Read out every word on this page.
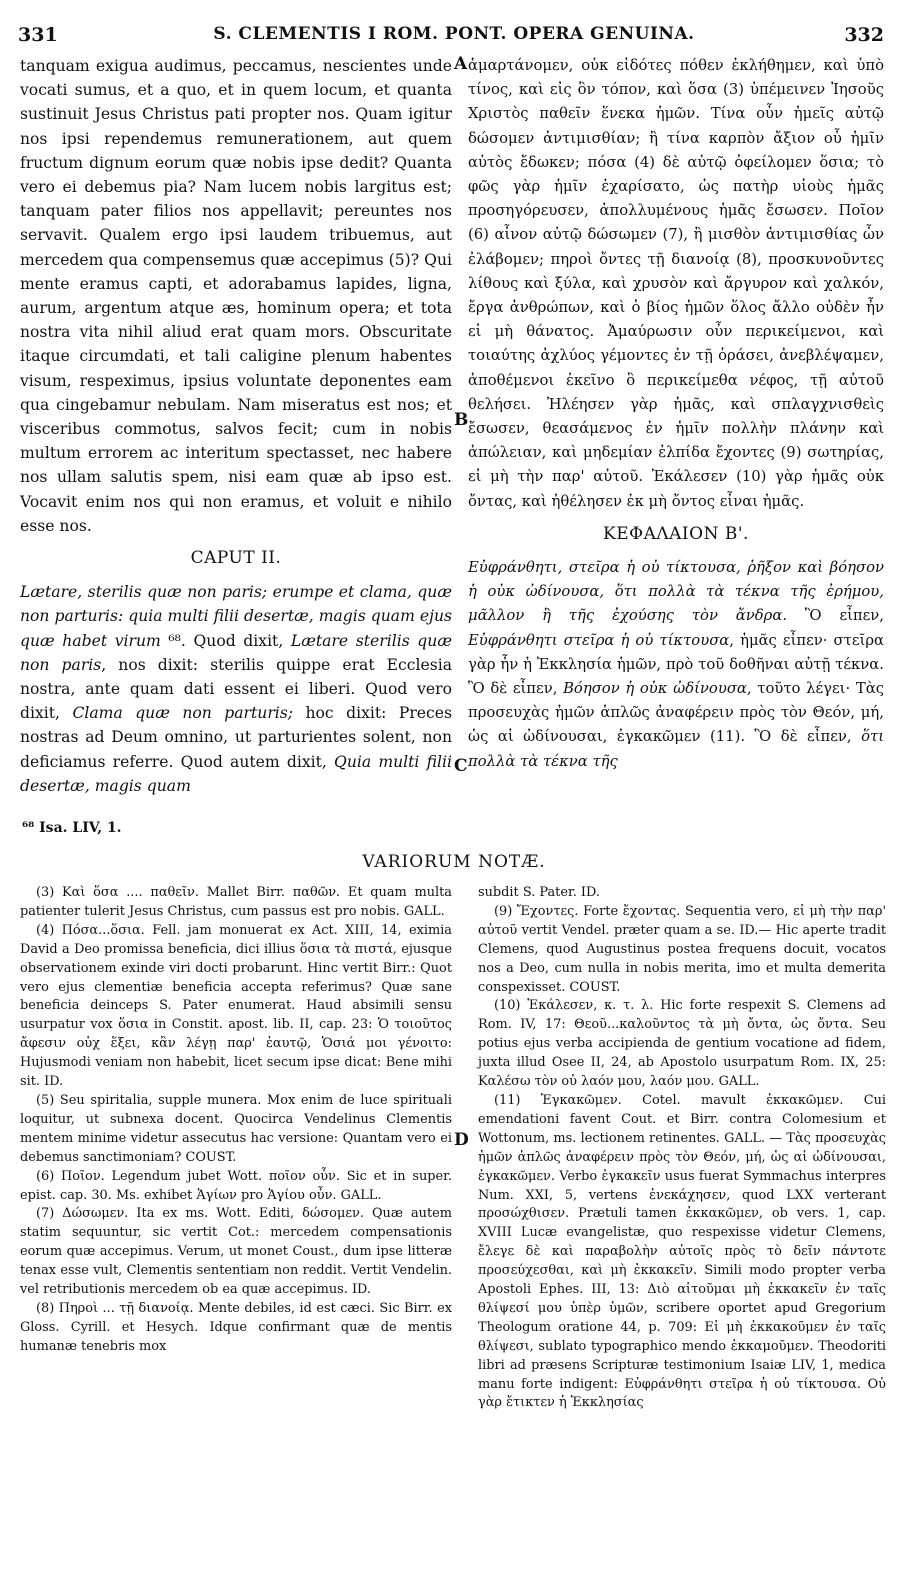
331	S. CLEMENTIS I ROM. PONT. OPERA GENUINA.	332

tanquam exigua audimus, peccamus, nescientes unde vocati sumus, et a quo, et in quem locum, et quanta sustinuit Jesus Christus pati propter nos. Quam igitur nos ipsi rependemus remunerationem, aut quem fructum dignum eorum quæ nobis ipse dedit? Quanta vero ei debemus pia? Nam lucem nobis largitus est; tanquam pater filios nos appellavit; pereuntes nos servavit. Qualem ergo ipsi laudem tribuemus, aut mercedem qua compensemus quæ accepimus (5)? Qui mente eramus capti, et adorabamus lapides, ligna, aurum, argentum atque æs, hominum opera; et tota nostra vita nihil aliud erat quam mors. Obscuritate itaque circumdati, et tali caligine plenum habentes visum, respeximus, ipsius voluntate deponentes eam qua cingebamur nebulam. Nam miseratus est nos; et visceribus commotus, salvos fecit; cum in nobis multum errorem ac interitum spectasset, nec habere nos ullam salutis spem, nisi eam quæ ab ipso est. Vocavit enim nos qui non eramus, et voluit e nihilo esse nos.

CAPUT II.

Lætare, sterilis quæ non paris; erumpe et clama, quæ non parturis: quia multi filii desertæ, magis quam ejus quæ habet virum ⁶⁸. Quod dixit, Lætare sterilis quæ non paris, nos dixit: sterilis quippe erat Ecclesia nostra, ante quam dati essent ei liberi. Quod vero dixit, Clama quæ non parturis; hoc dixit: Preces nostras ad Deum omnino, ut parturientes solent, non deficiamus referre. Quod autem dixit, Quia multi filii desertæ, magis quam

A
B
C
D

ἁμαρτάνομεν, οὐκ εἰδότες πόθεν ἐκλήθημεν, καὶ ὑπὸ τίνος, καὶ εἰς ὃν τόπον, καὶ ὅσα (3) ὑπέμεινεν Ἰησοῦς Χριστὸς παθεῖν ἕνεκα ἡμῶν. Τίνα οὖν ἡμεῖς αὐτῷ δώσομεν ἀντιμισθίαν; ἢ τίνα καρπὸν ἄξιον οὗ ἡμῖν αὐτὸς ἔδωκεν; πόσα (4) δὲ αὐτῷ ὀφείλομεν ὅσια; τὸ φῶς γὰρ ἡμῖν ἐχαρίσατο, ὡς πατὴρ υἱοὺς ἡμᾶς προσηγόρευσεν, ἀπολλυμένους ἡμᾶς ἔσωσεν. Ποῖον (6) αἶνον αὐτῷ δώσωμεν (7), ἢ μισθὸν ἀντιμισθίας ὧν ἐλάβομεν; πηροὶ ὄντες τῇ διανοίᾳ (8), προσκυνοῦντες λίθους καὶ ξύλα, καὶ χρυσὸν καὶ ἄργυρον καὶ χαλκόν, ἔργα ἀνθρώπων, καὶ ὁ βίος ἡμῶν ὅλος ἄλλο οὐδὲν ἦν εἰ μὴ θάνατος. Ἀμαύρωσιν οὖν περικείμενοι, καὶ τοιαύτης ἀχλύος γέμοντες ἐν τῇ ὁράσει, ἀνεβλέψαμεν, ἀποθέμενοι ἐκεῖνο ὃ περικείμεθα νέφος, τῇ αὐτοῦ θελήσει. Ἠλέησεν γὰρ ἡμᾶς, καὶ σπλαγχνισθεὶς ἔσωσεν, θεασάμενος ἐν ἡμῖν πολλὴν πλάνην καὶ ἀπώλειαν, καὶ μηδεμίαν ἐλπίδα ἔχοντες (9) σωτηρίας, εἰ μὴ τὴν παρ' αὐτοῦ. Ἐκάλεσεν (10) γὰρ ἡμᾶς οὐκ ὄντας, καὶ ἠθέλησεν ἐκ μὴ ὄντος εἶναι ἡμᾶς.

ΚΕΦΑΛΑΙΟΝ Β'.

Εὐφράνθητι, στεῖρα ἡ οὐ τίκτουσα, ῥῆξον καὶ βόησον ἡ οὐκ ὠδίνουσα, ὅτι πολλὰ τὰ τέκνα τῆς ἐρήμου, μᾶλλον ἢ τῆς ἐχούσης τὸν ἄνδρα. Ὃ εἶπεν, Εὐφράνθητι στεῖρα ἡ οὐ τίκτουσα, ἡμᾶς εἶπεν· στεῖρα γὰρ ἦν ἡ Ἐκκλησία ἡμῶν, πρὸ τοῦ δοθῆναι αὐτῇ τέκνα. Ὃ δὲ εἶπεν, Βόησον ἡ οὐκ ὠδίνουσα, τοῦτο λέγει· Τὰς προσευχὰς ἡμῶν ἁπλῶς ἀναφέρειν πρὸς τὸν Θεόν, μή, ὡς αἱ ὠδίνουσαι, ἐγκακῶμεν (11). Ὃ δὲ εἶπεν, ὅτι πολλὰ τὰ τέκνα τῆς

⁶⁸ Isa. LIV, 1.
VARIORUM NOTÆ.

(3) Καὶ ὅσα .... παθεῖν. Mallet Birr. παθῶν. Et quam multa patienter tulerit Jesus Christus, cum passus est pro nobis. GALL.

(4) Πόσα...ὅσια. Fell. jam monuerat ex Act. XIII, 14, eximia David a Deo promissa beneficia, dici illius ὅσια τὰ πιστά, ejusque observationem exinde viri docti probarunt. Hinc vertit Birr.: Quot vero ejus clementiæ beneficia accepta referimus? Quæ sane beneficia deinceps S. Pater enumerat. Haud absimili sensu usurpatur vox ὅσια in Constit. apost. lib. II, cap. 23: Ὁ τοιοῦτος ἄφεσιν οὐχ ἕξει, κἂν λέγῃ παρ' ἑαυτῷ, Ὁσιά μοι γένοιτο: Hujusmodi veniam non habebit, licet secum ipse dicat: Bene mihi sit. ID.

(5) Seu spiritalia, supple munera. Mox enim de luce spirituali loquitur, ut subnexa docent. Quocirca Vendelinus Clementis mentem minime videtur assecutus hac versione: Quantam vero ei debemus sanctimoniam? COUST.

(6) Ποῖον. Legendum jubet Wott. ποῖον οὖν. Sic et in super. epist. cap. 30. Ms. exhibet Ἁγίων pro Ἁγίου οὖν. GALL.

(7) Δώσωμεν. Ita ex ms. Wott. Editi, δώσομεν. Quæ autem statim sequuntur, sic vertit Cot.: mercedem compensationis eorum quæ accepimus. Verum, ut monet Coust., dum ipse litteræ tenax esse vult, Clementis sententiam non reddit. Vertit Vendelin. vel retributionis mercedem ob ea quæ accepimus. ID.

(8) Πηροὶ ... τῇ διανοίᾳ. Mente debiles, id est cæci. Sic Birr. ex Gloss. Cyrill. et Hesych. Idque confirmant quæ de mentis humanæ tenebris mox

subdit S. Pater. ID.

(9) Ἔχοντες. Forte ἔχοντας. Sequentia vero, εἰ μὴ τὴν παρ' αὐτοῦ vertit Vendel. præter quam a se. ID.— Hic aperte tradit Clemens, quod Augustinus postea frequens docuit, vocatos nos a Deo, cum nulla in nobis merita, imo et multa demerita conspexisset. COUST.

(10) Ἐκάλεσεν, κ. τ. λ. Hic forte respexit S. Clemens ad Rom. IV, 17: Θεοῦ...καλοῦντος τὰ μὴ ὄντα, ὡς ὄντα. Seu potius ejus verba accipienda de gentium vocatione ad fidem, juxta illud Osee II, 24, ab Apostolo usurpatum Rom. IX, 25: Καλέσω τὸν οὐ λαόν μου, λαόν μου. GALL.

(11) Ἐγκακῶμεν. Cotel. mavult ἐκκακῶμεν. Cui emendationi favent Cout. et Birr. contra Colomesium et Wottonum, ms. lectionem retinentes. GALL. — Τὰς προσευχὰς ἡμῶν ἁπλῶς ἀναφέρειν πρὸς τὸν Θεόν, μή, ὡς αἱ ὠδίνουσαι, ἐγκακῶμεν. Verbo ἐγκακεῖν usus fuerat Symmachus interpres Num. XXI, 5, vertens ἐνεκάχησεν, quod LXX verterant προσώχθισεν. Prætuli tamen ἐκκακῶμεν, ob vers. 1, cap. XVIII Lucæ evangelistæ, quo respexisse videtur Clemens, ἔλεγε δὲ καὶ παραβολὴν αὐτοῖς πρὸς τὸ δεῖν πάντοτε προσεύχεσθαι, καὶ μὴ ἐκκακεῖν. Simili modo propter verba Apostoli Ephes. III, 13: Διὸ αἰτοῦμαι μὴ ἐκκακεῖν ἐν ταῖς θλίψεσί μου ὑπὲρ ὑμῶν, scribere oportet apud Gregorium Theologum oratione 44, p. 709: Εἰ μὴ ἐκκακοῦμεν ἐν ταῖς θλίψεσι, sublato typographico mendo ἐκκαμοῦμεν. Theodoriti libri ad præsens Scripturæ testimonium Isaiæ LIV, 1, medica manu forte indigent: Εὐφράνθητι στεῖρα ἡ οὐ τίκτουσα. Οὐ γὰρ ἔτικτεν ἡ Ἐκκλησίας
